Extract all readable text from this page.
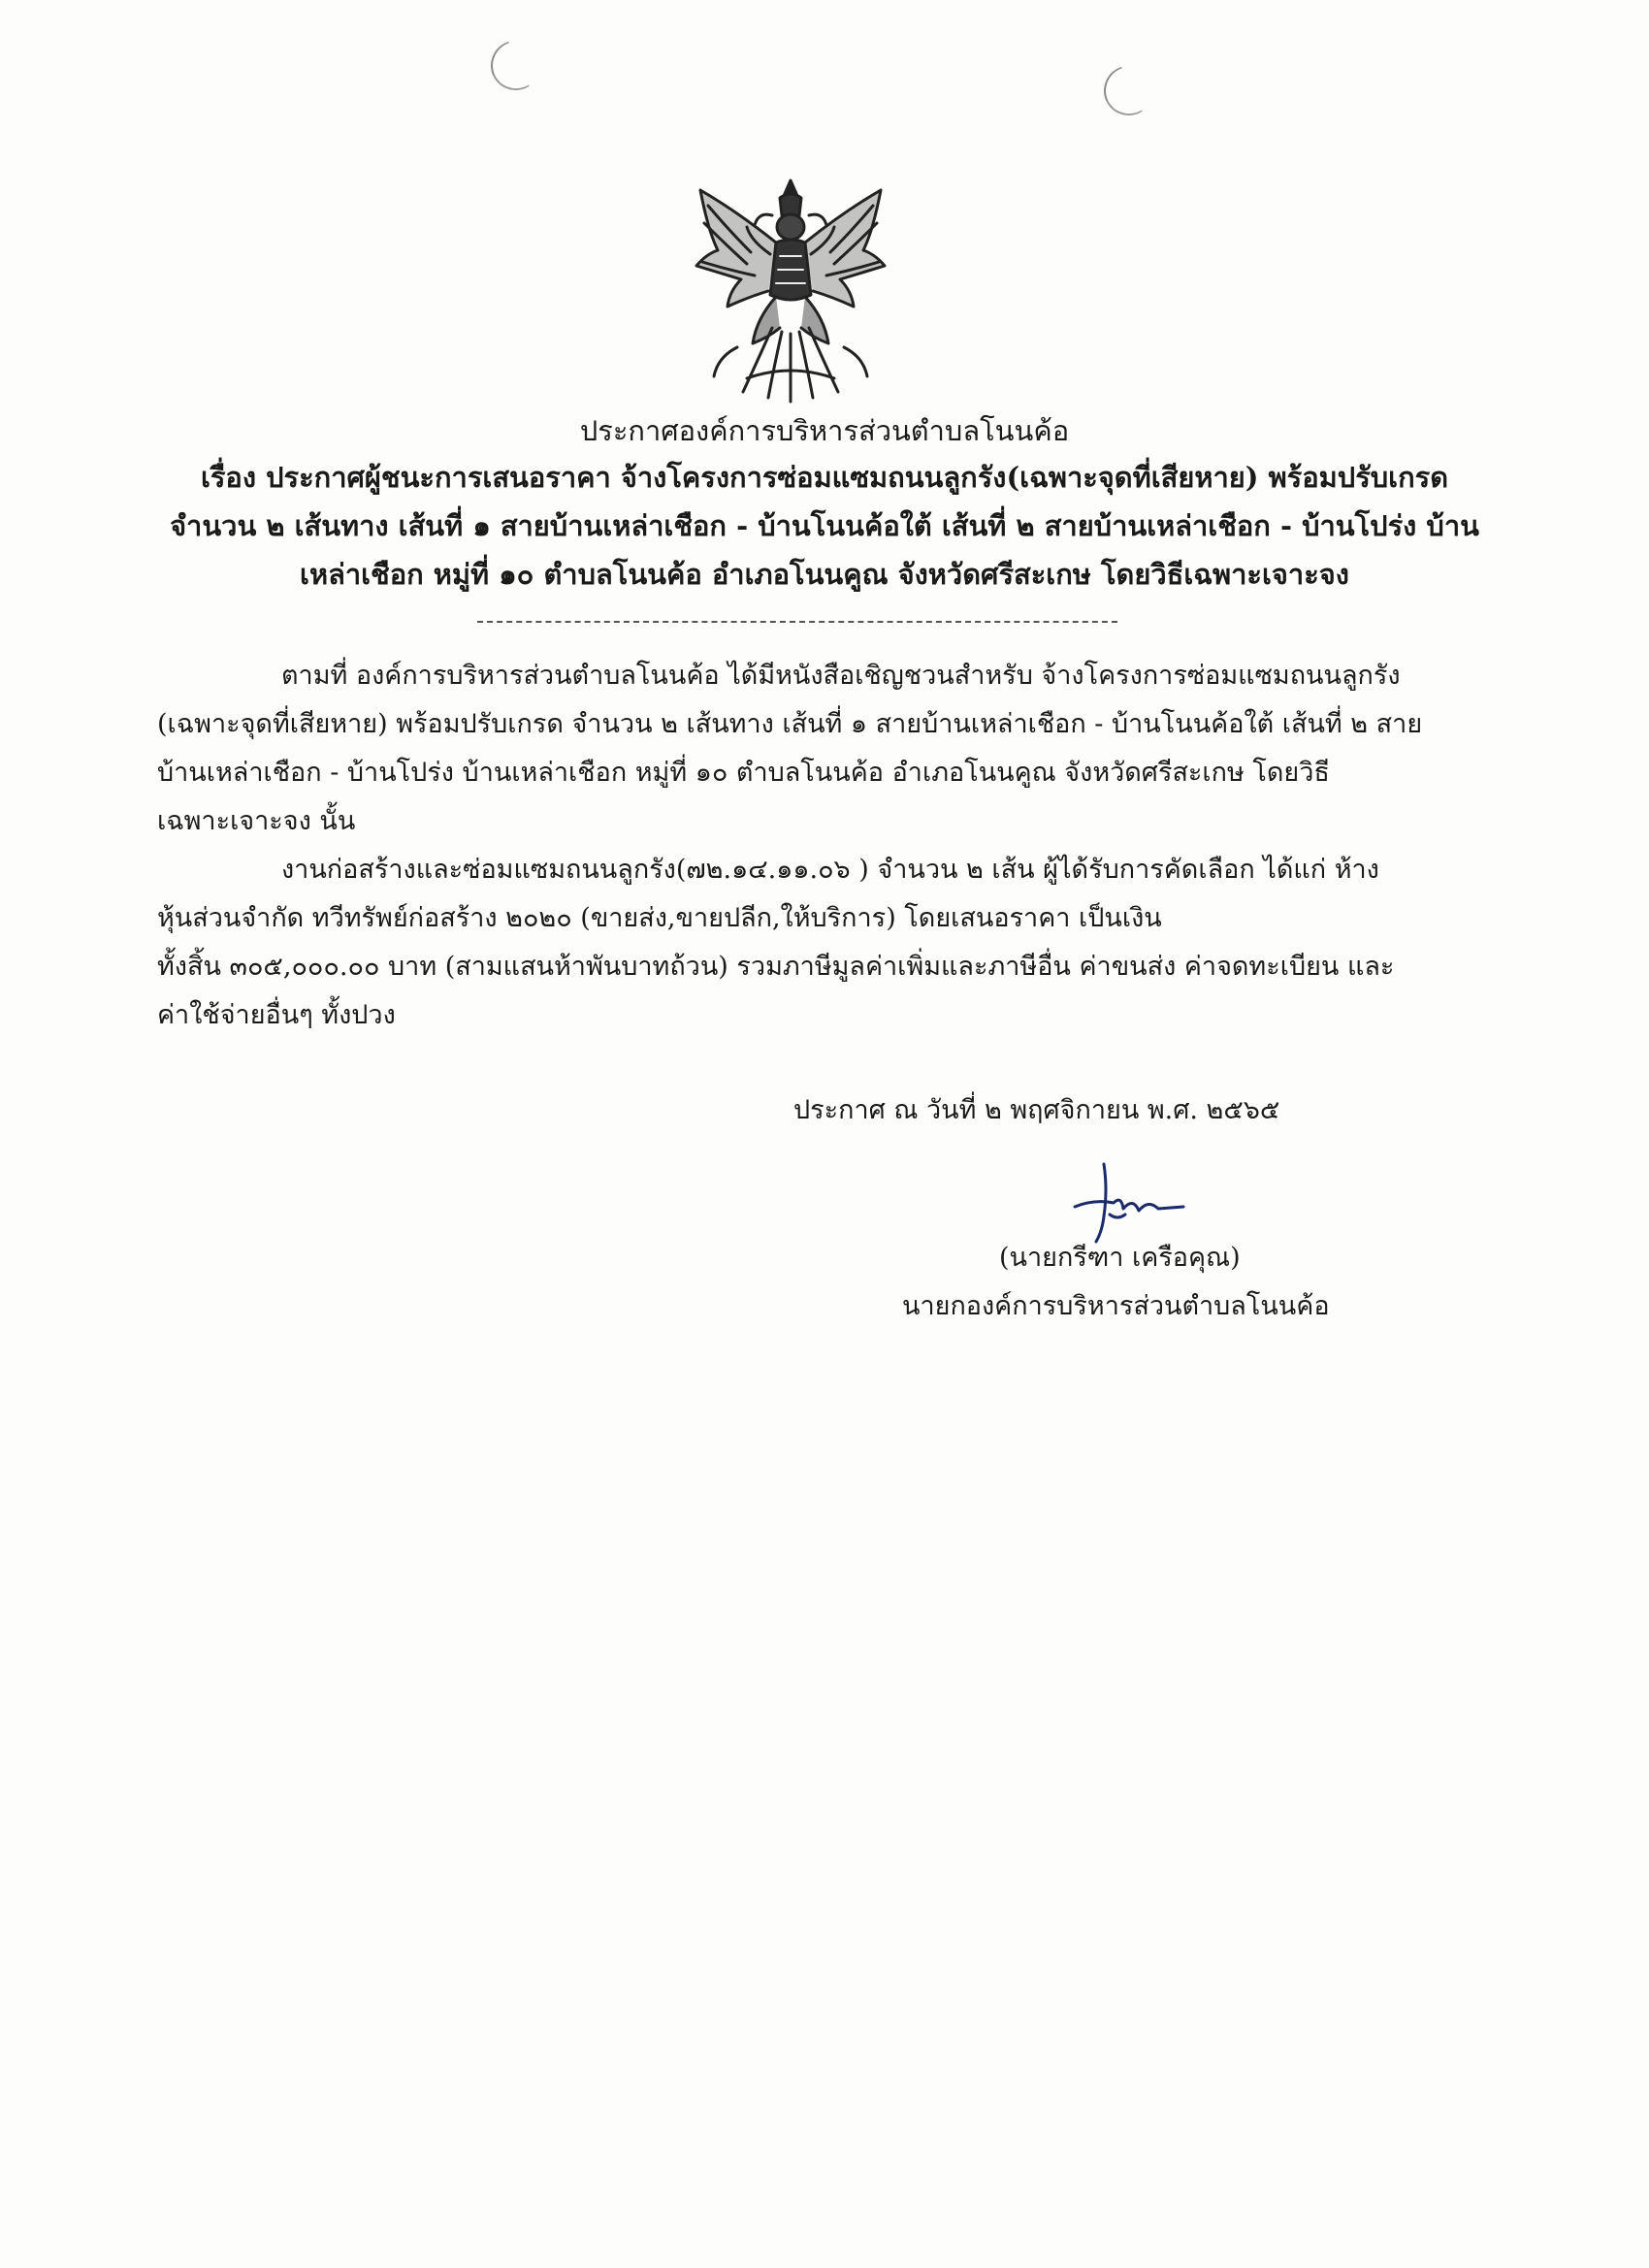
ประกาศองค์การบริหารส่วนตำบลโนนค้อ
เรื่อง ประกาศผู้ชนะการเสนอราคา จ้างโครงการซ่อมแซมถนนลูกรัง(เฉพาะจุดที่เสียหาย) พร้อมปรับเกรด
จำนวน ๒ เส้นทาง เส้นที่ ๑ สายบ้านเหล่าเชือก - บ้านโนนค้อใต้ เส้นที่ ๒ สายบ้านเหล่าเชือก - บ้านโปร่ง บ้าน
เหล่าเชือก หมู่ที่ ๑๐ ตำบลโนนค้อ อำเภอโนนคูณ จังหวัดศรีสะเกษ โดยวิธีเฉพาะเจาะจง
ตามที่ องค์การบริหารส่วนตำบลโนนค้อ ได้มีหนังสือเชิญชวนสำหรับ จ้างโครงการซ่อมแซมถนนลูกรัง
(เฉพาะจุดที่เสียหาย) พร้อมปรับเกรด จำนวน ๒ เส้นทาง เส้นที่ ๑ สายบ้านเหล่าเชือก - บ้านโนนค้อใต้ เส้นที่ ๒ สาย
บ้านเหล่าเชือก - บ้านโปร่ง บ้านเหล่าเชือก หมู่ที่ ๑๐ ตำบลโนนค้อ อำเภอโนนคูณ จังหวัดศรีสะเกษ โดยวิธี
เฉพาะเจาะจง นั้น
งานก่อสร้างและซ่อมแซมถนนลูกรัง(๗๒.๑๔.๑๑.๐๖ ) จำนวน ๒ เส้น ผู้ได้รับการคัดเลือก ได้แก่ ห้าง
หุ้นส่วนจำกัด ทวีทรัพย์ก่อสร้าง ๒๐๒๐ (ขายส่ง,ขายปลีก,ให้บริการ) โดยเสนอราคา เป็นเงิน
ทั้งสิ้น ๓๐๕,๐๐๐.๐๐ บาท (สามแสนห้าพันบาทถ้วน) รวมภาษีมูลค่าเพิ่มและภาษีอื่น ค่าขนส่ง ค่าจดทะเบียน และ
ค่าใช้จ่ายอื่นๆ ทั้งปวง
ประกาศ ณ วันที่ ๒ พฤศจิกายน พ.ศ. ๒๕๖๕
(นายกรีฑา เครือคุณ)
นายกองค์การบริหารส่วนตำบลโนนค้อ
